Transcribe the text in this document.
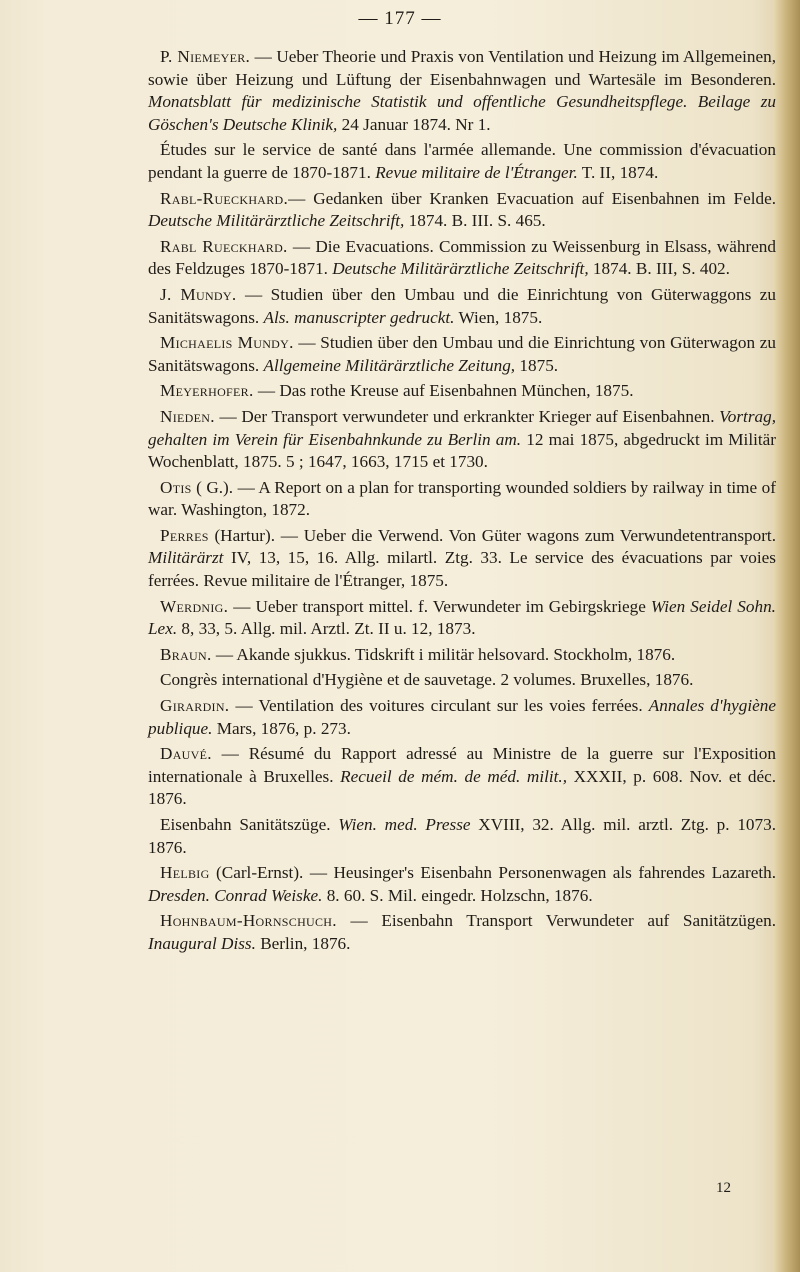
— 177 —

P. Niemeyer. — Ueber Theorie und Praxis von Ventilation und Heizung im Allgemeinen, sowie über Heizung und Lüftung der Eisenbahnwagen und Wartesäle im Besonderen. Monatsblatt für medizinische Statistik und offentliche Gesundheitspflege. Beilage zu Göschen's Deutsche Klinik, 24 Januar 1874. Nr 1.

Études sur le service de santé dans l'armée allemande. Une commission d'évacuation pendant la guerre de 1870-1871. Revue militaire de l'Étranger. T. II, 1874.

Rabl-Rueckhard.— Gedanken über Kranken Evacuation auf Eisenbahnen im Felde. Deutsche Militärärztliche Zeitschrift, 1874. B. III. S. 465.

Rabl Rueckhard. — Die Evacuations. Commission zu Weissenburg in Elsass, während des Feldzuges 1870-1871. Deutsche Militärärztliche Zeitschrift, 1874. B. III, S. 402.

J. Mundy. — Studien über den Umbau und die Einrichtung von Güterwaggons zu Sanitätswagons. Als. manuscripter gedruckt. Wien, 1875.

Michaelis Mundy. — Studien über den Umbau und die Einrichtung von Güterwagon zu Sanitätswagons. Allgemeine Militärärztliche Zeitung, 1875.

Meyerhofer. — Das rothe Kreuse auf Eisenbahnen München, 1875.

Nieden. — Der Transport verwundeter und erkrankter Krieger auf Eisenbahnen. Vortrag, gehalten im Verein für Eisenbahnkunde zu Berlin am. 12 mai 1875, abgedruckt im Militär Wochenblatt, 1875. 5 ; 1647, 1663, 1715 et 1730.

Otis ( G.). — A Report on a plan for transporting wounded soldiers by railway in time of war. Washington, 1872.

Perres (Hartur). — Ueber die Verwend. Von Güter wagons zum Verwundetentransport. Militärärzt IV, 13, 15, 16. Allg. milartl. Ztg. 33. Le service des évacuations par voies ferrées. Revue militaire de l'Étranger, 1875.

Werdnig. — Ueber transport mittel. f. Verwundeter im Gebirgskriege Wien Seidel Sohn. Lex. 8, 33, 5. Allg. mil. Arztl. Zt. II u. 12, 1873.

Braun. — Akande sjukkus. Tidskrift i militär helsovard. Stockholm, 1876.

Congrès international d'Hygiène et de sauvetage. 2 volumes. Bruxelles, 1876.

Girardin. — Ventilation des voitures circulant sur les voies ferrées. Annales d'hygiène publique. Mars, 1876, p. 273.

Dauvé. — Résumé du Rapport adressé au Ministre de la guerre sur l'Exposition internationale à Bruxelles. Recueil de mém. de méd. milit., XXXII, p. 608. Nov. et déc. 1876.

Eisenbahn Sanitätszüge. Wien. med. Presse XVIII, 32. Allg. mil. arztl. Ztg. p. 1073. 1876.

Helbig (Carl-Ernst). — Heusinger's Eisenbahn Personenwagen als fahrendes Lazareth. Dresden. Conrad Weiske. 8. 60. S. Mil. eingedr. Holzschn, 1876.

Hohnbaum-Hornschuch. — Eisenbahn Transport Verwundeter auf Sanitätzügen. Inaugural Diss. Berlin, 1876.

12
